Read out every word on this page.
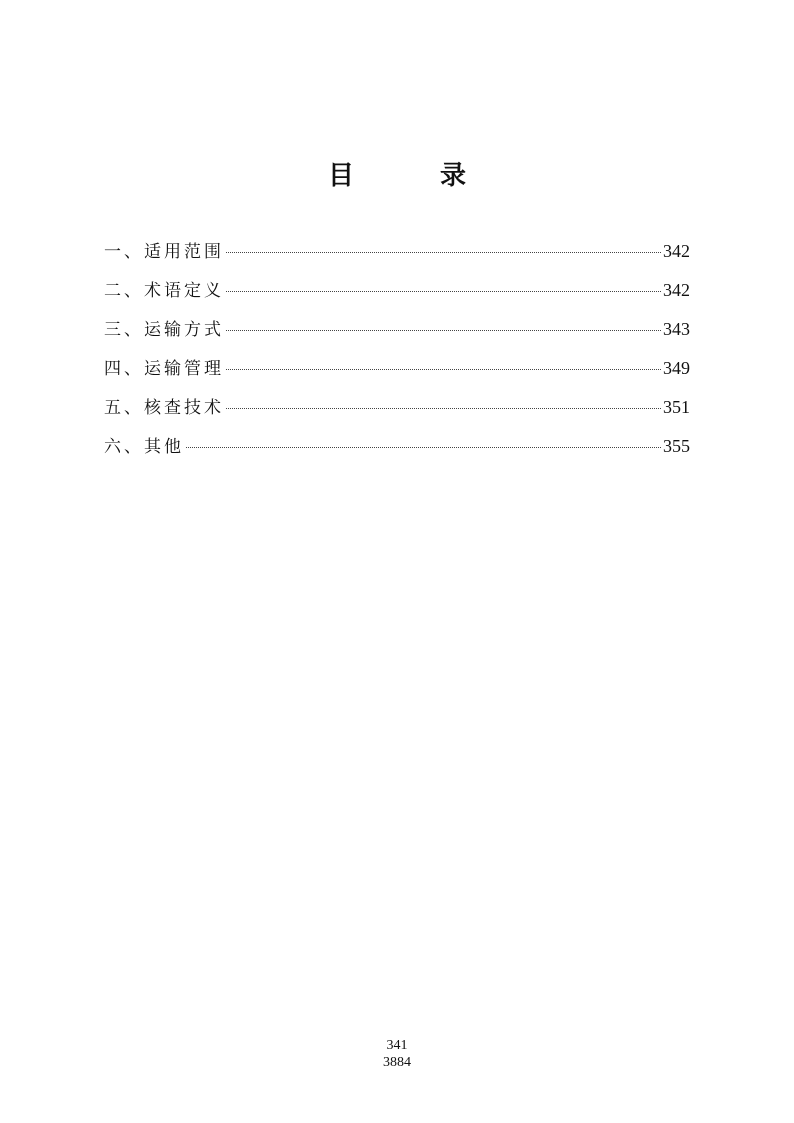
目　录
一、适用范围	342
二、术语定义	342
三、运输方式	343
四、运输管理	349
五、核查技术	351
六、其他	355
341
3884
